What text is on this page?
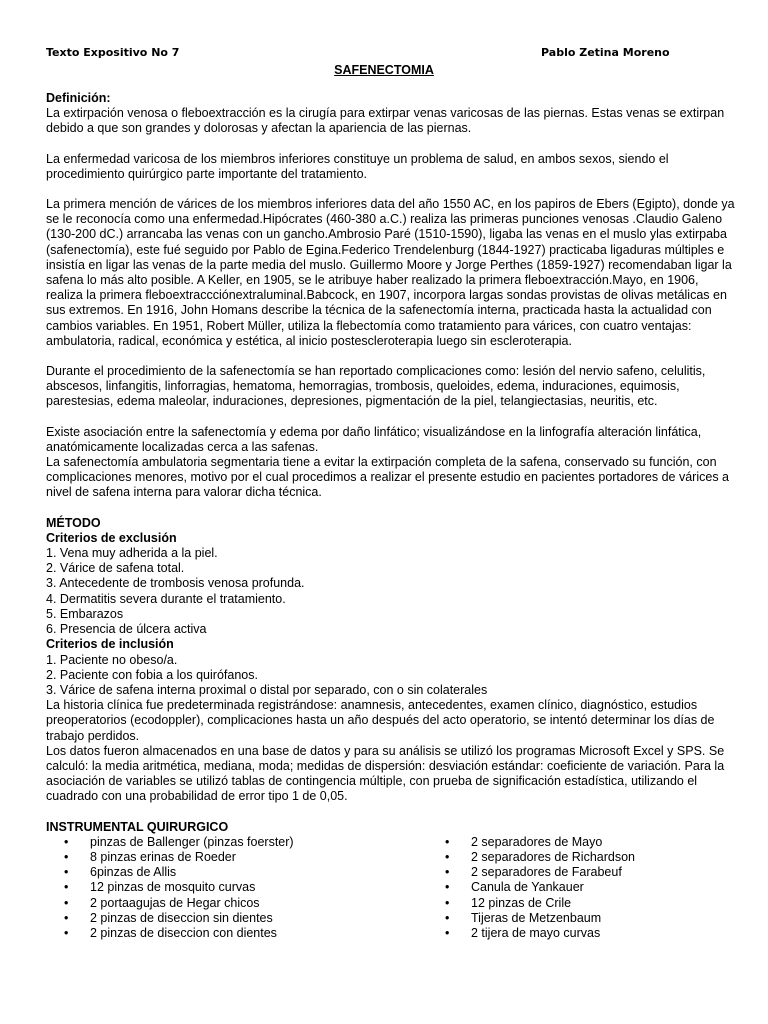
Texto Expositivo No 7	Pablo Zetina Moreno
SAFENECTOMIA

Definición:
La extirpación venosa o fleboextracción es la cirugía para extirpar venas varicosas de las piernas. Estas venas se extirpan debido a que son grandes y dolorosas y afectan la apariencia de las piernas.

La enfermedad varicosa de los miembros inferiores constituye un problema de salud, en ambos sexos, siendo el procedimiento quirúrgico parte importante del tratamiento.

La primera mención de várices de los miembros inferiores data del año 1550 AC, en los papiros de Ebers (Egipto), donde ya se le reconocía como una enfermedad.Hipócrates (460-380 a.C.) realiza las primeras punciones venosas .Claudio Galeno (130-200 dC.) arrancaba las venas con un gancho.Ambrosio Paré (1510-1590), ligaba las venas en el muslo ylas extirpaba (safenectomía), este fué seguido por Pablo de Egina.Federico Trendelenburg (1844-1927) practicaba ligaduras múltiples e insistía en ligar las venas de la parte media del muslo. Guillermo Moore y Jorge Perthes (1859-1927) recomendaban ligar la safena lo más alto posible. A Keller, en 1905, se le atribuye haber realizado la primera fleboextracción.Mayo, en 1906, realiza la primera fleboextraccciónextraluminal.Babcock, en 1907, incorpora largas sondas provistas de olivas metálicas en sus extremos. En 1916, John Homans describe la técnica de la safenectomía interna, practicada hasta la actualidad con cambios variables. En 1951, Robert Müller, utiliza la flebectomía como tratamiento para várices, con cuatro ventajas: ambulatoria, radical, económica y estética, al inicio postescleroterapia luego sin escleroterapia.

Durante el procedimiento de la safenectomía se han reportado complicaciones como: lesión del nervio safeno, celulitis, abscesos, linfangitis, linforragias, hematoma, hemorragias, trombosis, queloides, edema, induraciones, equimosis, parestesias, edema maleolar, induraciones, depresiones, pigmentación de la piel, telangiectasias, neuritis, etc.

Existe asociación entre la safenectomía y edema por daño linfático; visualizándose en la linfografía alteración linfática, anatómicamente localizadas cerca a las safenas.

La safenectomía ambulatoria segmentaria tiene a evitar la extirpación completa de la safena, conservado su función, con complicaciones menores, motivo por el cual procedimos a realizar el presente estudio en pacientes portadores de várices a nivel de safena interna para valorar dicha técnica.

MÉTODO
Criterios de exclusión
1. Vena muy adherida a la piel.
2. Várice de safena total.
3. Antecedente de trombosis venosa profunda.
4. Dermatitis severa durante el tratamiento.
5. Embarazos
6. Presencia de úlcera activa
Criterios de inclusión
1. Paciente no obeso/a.
2. Paciente con fobia a los quirófanos.
3. Várice de safena interna proximal o distal por separado, con o sin colaterales
La historia clínica fue predeterminada registrándose: anamnesis, antecedentes, examen clínico, diagnóstico, estudios preoperatorios (ecodoppler), complicaciones hasta un año después del acto operatorio, se intentó determinar los días de trabajo perdidos.

Los datos fueron almacenados en una base de datos y para su análisis se utilizó los programas Microsoft Excel y SPS. Se calculó: la media aritmética, mediana, moda; medidas de dispersión: desviación estándar: coeficiente de variación. Para la asociación de variables se utilizó tablas de contingencia múltiple, con prueba de significación estadística, utilizando el cuadrado con una probabilidad de error tipo 1 de 0,05.

INSTRUMENTAL QUIRURGICO
• pinzas de Ballenger (pinzas foerster)
• 8 pinzas erinas de Roeder
• 6pinzas de Allis
• 12 pinzas de mosquito curvas
• 2 portaagujas de Hegar chicos
• 2 pinzas de diseccion sin dientes
• 2 pinzas de diseccion con dientes
• 2 separadores de Mayo
• 2 separadores de Richardson
• 2 separadores de Farabeuf
• Canula de Yankauer
• 12 pinzas de Crile
• Tijeras de Metzenbaum
• 2 tijera de mayo curvas
